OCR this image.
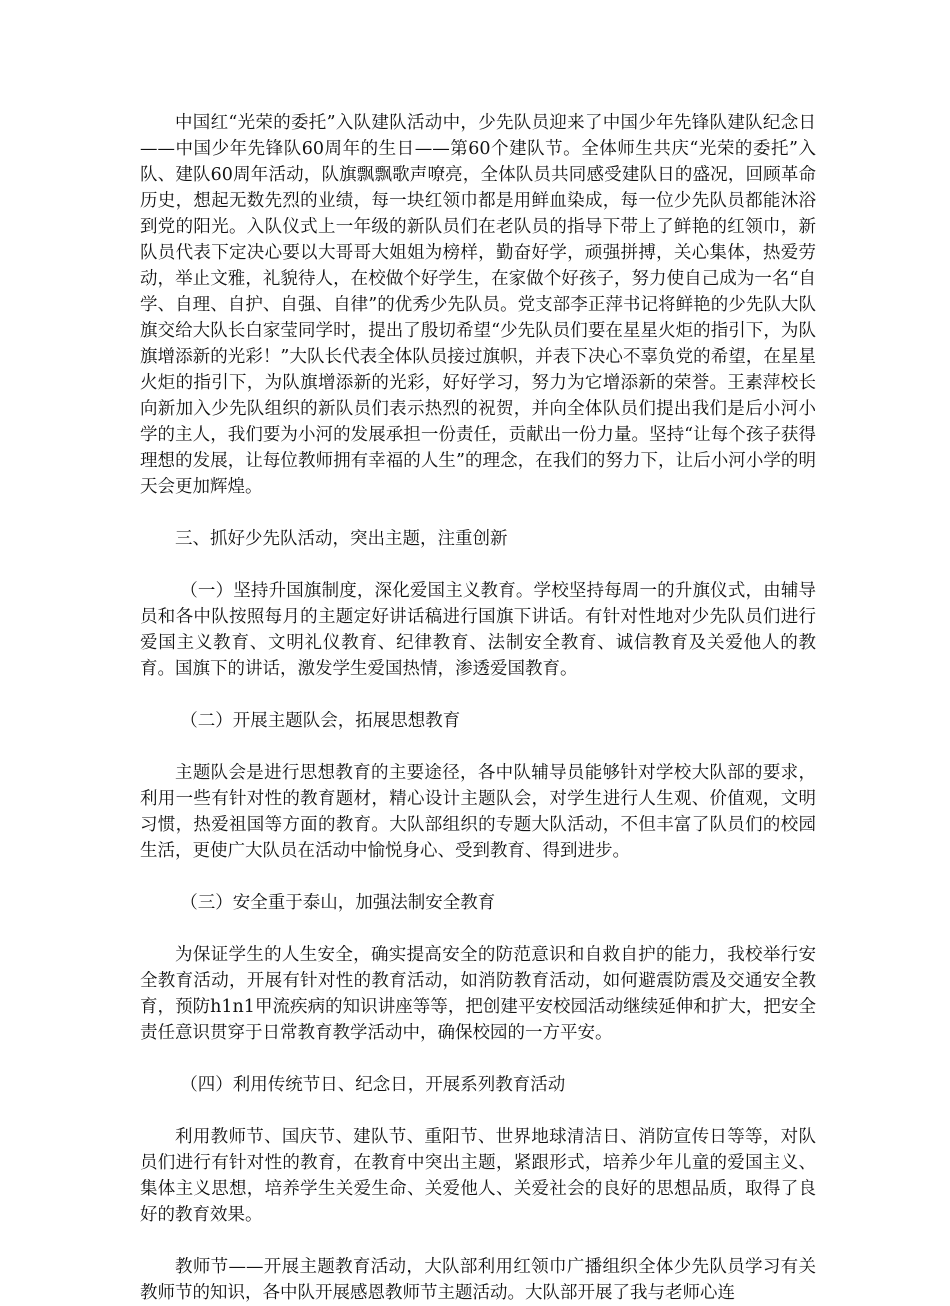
中国红“光荣的委托”入队建队活动中，少先队员迎来了中国少年先锋队建队纪念日——中国少年先锋队60周年的生日——第60个建队节。全体师生共庆“光荣的委托”入队、建队60周年活动，队旗飘飘歌声嘹亮，全体队员共同感受建队日的盛况，回顾革命历史，想起无数先烈的业绩，每一块红领巾都是用鲜血染成，每一位少先队员都能沐浴到党的阳光。入队仪式上一年级的新队员们在老队员的指导下带上了鲜艳的红领巾，新队员代表下定决心要以大哥哥大姐姐为榜样，勤奋好学，顽强拼搏，关心集体，热爱劳动，举止文雅，礼貌待人，在校做个好学生，在家做个好孩子，努力使自己成为一名“自学、自理、自护、自强、自律”的优秀少先队员。党支部李正萍书记将鲜艳的少先队大队旗交给大队长白家莹同学时，提出了殷切希望“少先队员们要在星星火炬的指引下，为队旗增添新的光彩！”大队长代表全体队员接过旗帜，并表下决心不辜负党的希望，在星星火炬的指引下，为队旗增添新的光彩，好好学习，努力为它增添新的荣誉。王素萍校长向新加入少先队组织的新队员们表示热烈的祝贺，并向全体队员们提出我们是后小河小学的主人，我们要为小河的发展承担一份责任，贡献出一份力量。坚持“让每个孩子获得理想的发展，让每位教师拥有幸福的人生”的理念，在我们的努力下，让后小河小学的明天会更加辉煌。

三、抓好少先队活动，突出主题，注重创新

（一）坚持升国旗制度，深化爱国主义教育。学校坚持每周一的升旗仪式，由辅导员和各中队按照每月的主题定好讲话稿进行国旗下讲话。有针对性地对少先队员们进行爱国主义教育、文明礼仪教育、纪律教育、法制安全教育、诚信教育及关爱他人的教育。国旗下的讲话，激发学生爱国热情，渗透爱国教育。

（二）开展主题队会，拓展思想教育

主题队会是进行思想教育的主要途径，各中队辅导员能够针对学校大队部的要求，利用一些有针对性的教育题材，精心设计主题队会，对学生进行人生观、价值观，文明习惯，热爱祖国等方面的教育。大队部组织的专题大队活动，不但丰富了队员们的校园生活，更使广大队员在活动中愉悦身心、受到教育、得到进步。

（三）安全重于泰山，加强法制安全教育

为保证学生的人生安全，确实提高安全的防范意识和自救自护的能力，我校举行安全教育活动，开展有针对性的教育活动，如消防教育活动，如何避震防震及交通安全教育，预防h1n1甲流疾病的知识讲座等等，把创建平安校园活动继续延伸和扩大，把安全责任意识贯穿于日常教育教学活动中，确保校园的一方平安。

（四）利用传统节日、纪念日，开展系列教育活动

利用教师节、国庆节、建队节、重阳节、世界地球清洁日、消防宣传日等等，对队员们进行有针对性的教育，在教育中突出主题，紧跟形式，培养少年儿童的爱国主义、集体主义思想，培养学生关爱生命、关爱他人、关爱社会的良好的思想品质，取得了良好的教育效果。

教师节——开展主题教育活动，大队部利用红领巾广播组织全体少先队员学习有关教师节的知识，各中队开展感恩教师节主题活动。大队部开展了我与老师心连
